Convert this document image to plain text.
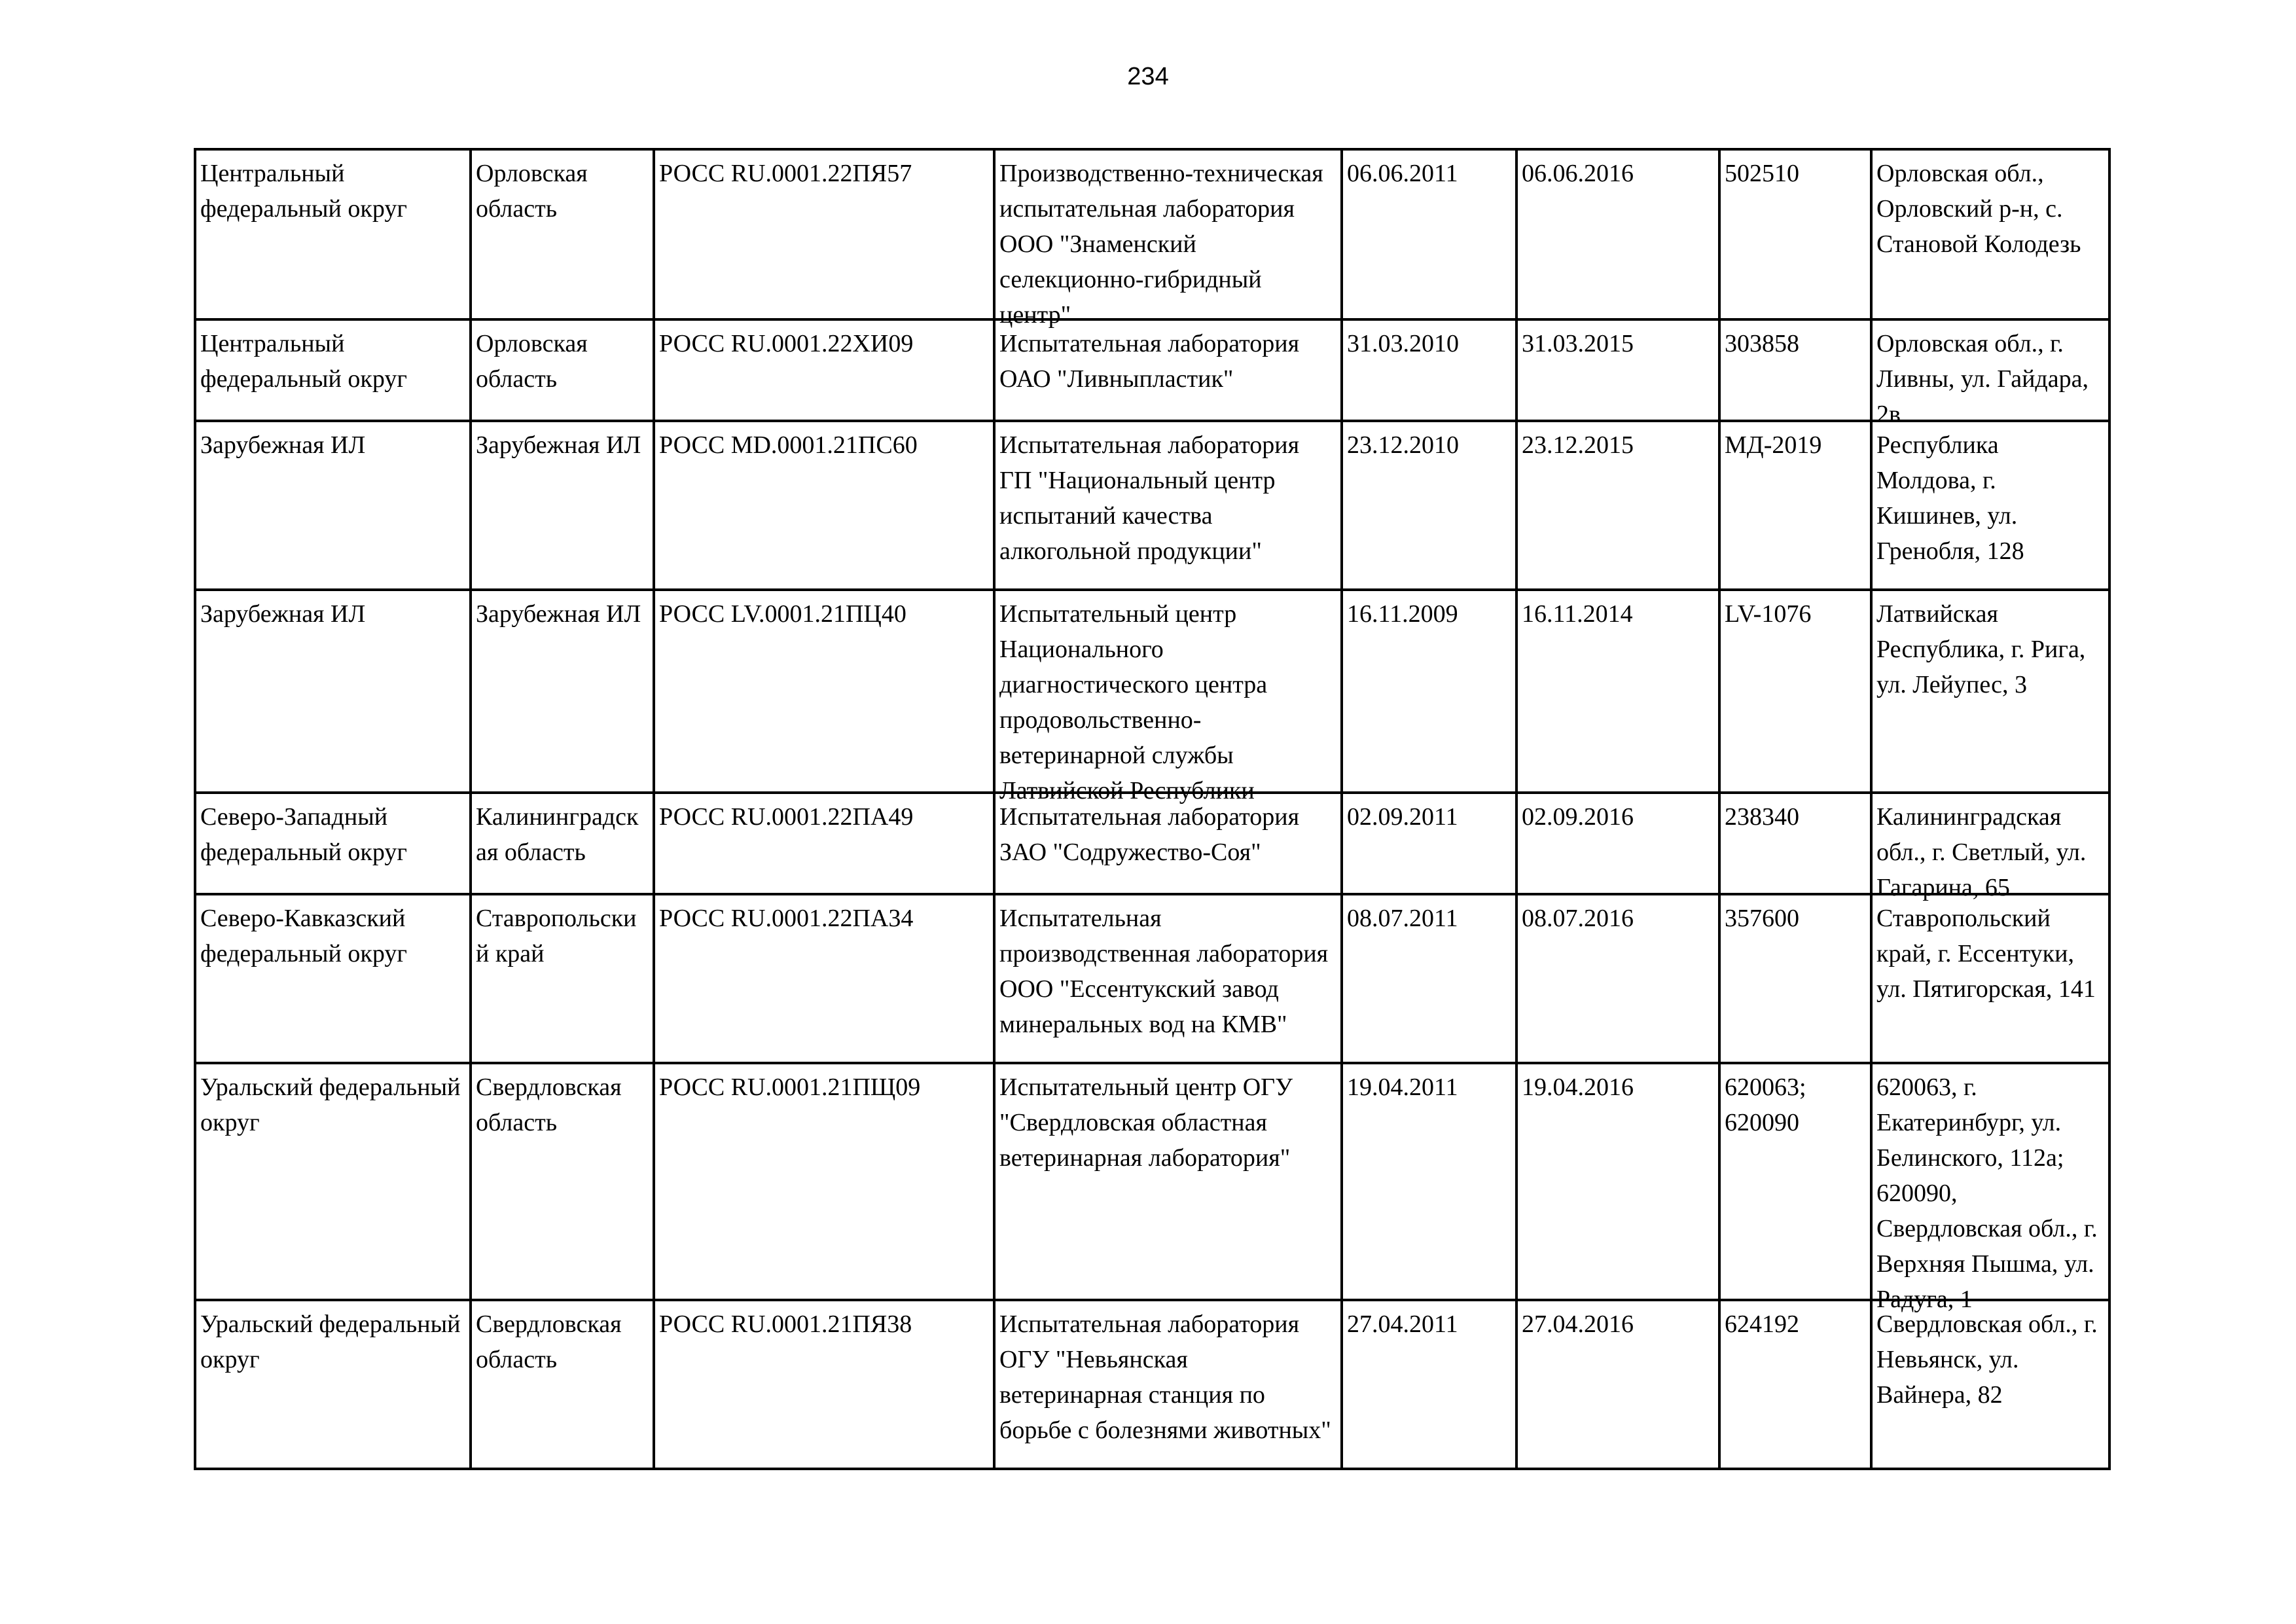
234
Центральный федеральный округ	Орловская область	РОСС RU.0001.22ПЯ57	Производственно-техническая испытательная лаборатория ООО "Знаменский селекционно-гибридный центр"	06.06.2011	06.06.2016	502510	Орловская обл., Орловский р-н, с. Становой Колодезь

Центральный федеральный округ	Орловская область	РОСС RU.0001.22ХИ09	Испытательная лаборатория ОАО "Ливныпластик"	31.03.2010	31.03.2015	303858	Орловская обл., г. Ливны, ул. Гайдара, 2в

Зарубежная ИЛ	Зарубежная ИЛ	РОСС MD.0001.21ПС60	Испытательная лаборатория ГП "Национальный центр испытаний качества алкогольной продукции"	23.12.2010	23.12.2015	МД-2019	Республика Молдова, г. Кишинев, ул. Гренобля, 128

Зарубежная ИЛ	Зарубежная ИЛ	РОСС LV.0001.21ПЦ40	Испытательный центр Национального диагностического центра продовольственно-ветеринарной службы Латвийской Республики	16.11.2009	16.11.2014	LV-1076	Латвийская Республика, г. Рига, ул. Лейупес, 3

Северо-Западный федеральный округ	Калининградская область	РОСС RU.0001.22ПА49	Испытательная лаборатория ЗАО "Содружество-Соя"	02.09.2011	02.09.2016	238340	Калининградская обл., г. Светлый, ул. Гагарина, 65

Северо-Кавказский федеральный округ	Ставропольский край	РОСС RU.0001.22ПА34	Испытательная производственная лаборатория ООО "Ессентукский завод минеральных вод на КМВ"	08.07.2011	08.07.2016	357600	Ставропольский край, г. Ессентуки, ул. Пятигорская, 141

Уральский федеральный округ	Свердловская область	РОСС RU.0001.21ПЩ09	Испытательный центр ОГУ "Свердловская областная ветеринарная лаборатория"	19.04.2011	19.04.2016	620063; 620090	620063, г. Екатеринбург, ул. Белинского, 112а; 620090, Свердловская обл., г. Верхняя Пышма, ул. Радуга, 1

Уральский федеральный округ	Свердловская область	РОСС RU.0001.21ПЯ38	Испытательная лаборатория ОГУ "Невьянская ветеринарная станция по борьбе с болезнями животных"	27.04.2011	27.04.2016	624192	Свердловская обл., г. Невьянск, ул. Вайнера, 82
